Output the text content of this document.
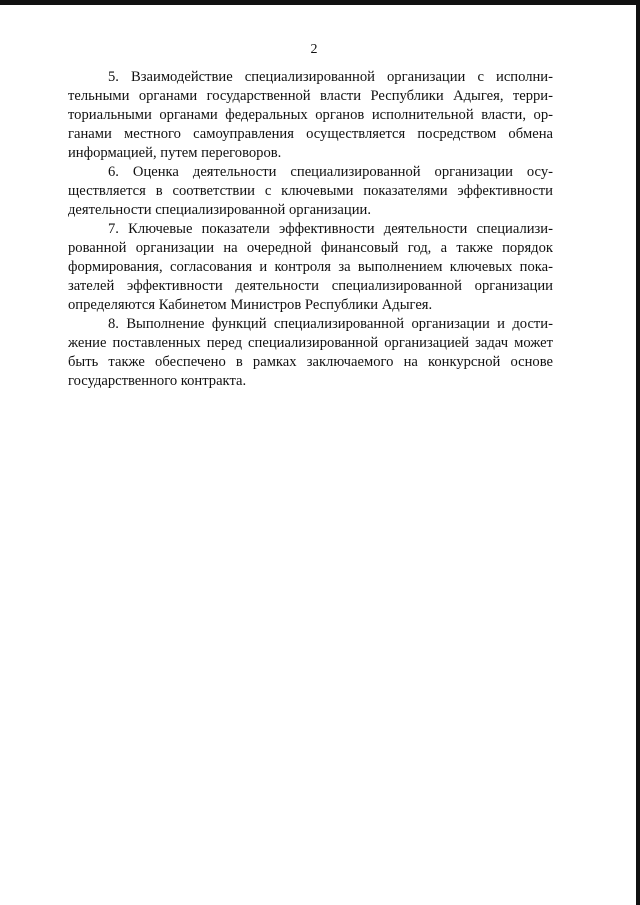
2

5. Взаимодействие специализированной организации с исполнительными органами государственной власти Республики Адыгея, территориальными органами федеральных органов исполнительной власти, органами местного самоуправления осуществляется посредством обмена информацией, путем переговоров.

6. Оценка деятельности специализированной организации осуществляется в соответствии с ключевыми показателями эффективности деятельности специализированной организации.

7. Ключевые показатели эффективности деятельности специализированной организации на очередной финансовый год, а также порядок формирования, согласования и контроля за выполнением ключевых показателей эффективности деятельности специализированной организации определяются Кабинетом Министров Республики Адыгея.

8. Выполнение функций специализированной организации и достижение поставленных перед специализированной организацией задач может быть также обеспечено в рамках заключаемого на конкурсной основе государственного контракта.
